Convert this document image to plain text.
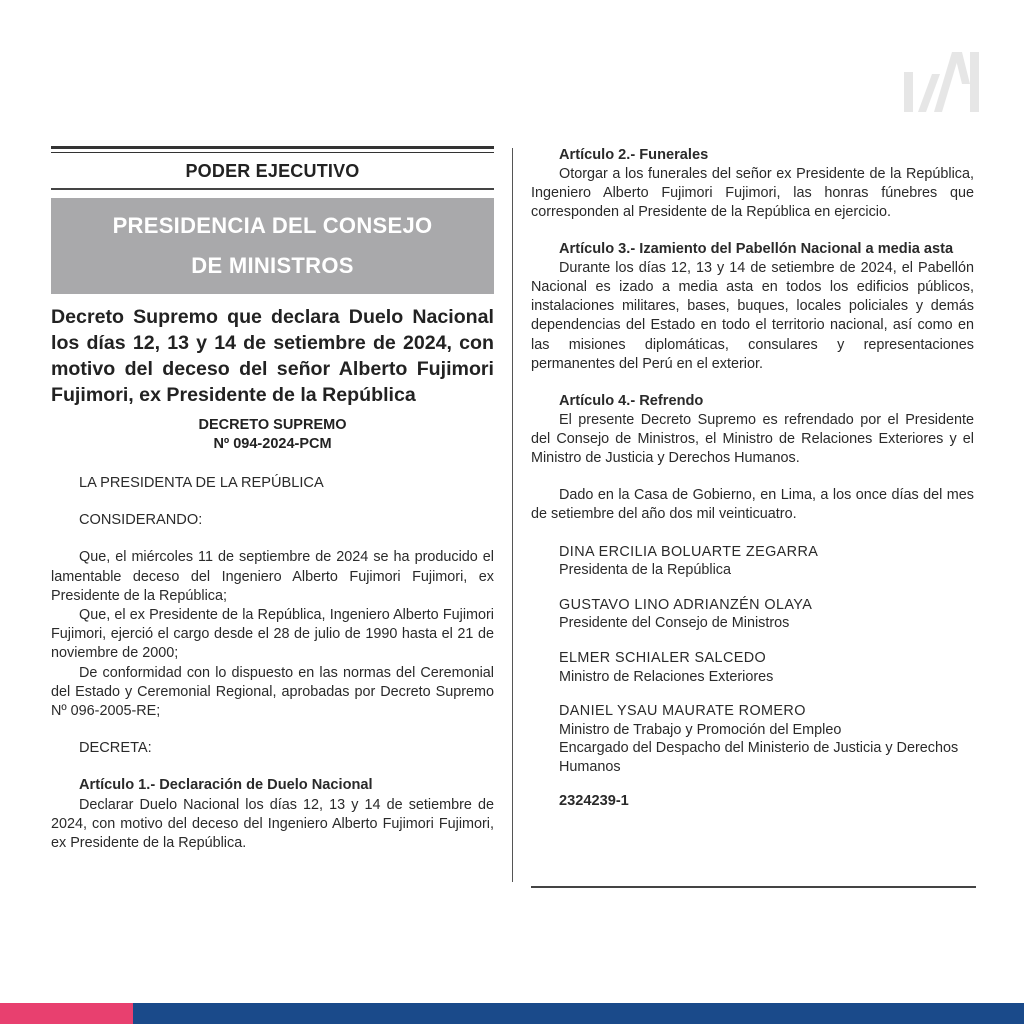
PODER EJECUTIVO
PRESIDENCIA DEL CONSEJO
DE MINISTROS
Decreto Supremo que declara Duelo Nacional los días 12, 13 y 14 de setiembre de 2024, con motivo del deceso del señor Alberto Fujimori Fujimori, ex Presidente de la República
DECRETO SUPREMO
Nº 094-2024-PCM

LA PRESIDENTA DE LA REPÚBLICA

CONSIDERANDO:

Que, el miércoles 11 de septiembre de 2024 se ha producido el lamentable deceso del Ingeniero Alberto Fujimori Fujimori, ex Presidente de la República;

Que, el ex Presidente de la República, Ingeniero Alberto Fujimori Fujimori, ejerció el cargo desde el 28 de julio de 1990 hasta el 21 de noviembre de 2000;

De conformidad con lo dispuesto en las normas del Ceremonial del Estado y Ceremonial Regional, aprobadas por Decreto Supremo Nº 096-2005-RE;

DECRETA:

Artículo 1.- Declaración de Duelo Nacional

Declarar Duelo Nacional los días 12, 13 y 14 de setiembre de 2024, con motivo del deceso del Ingeniero Alberto Fujimori Fujimori, ex Presidente de la República.

Artículo 2.- Funerales

Otorgar a los funerales del señor ex Presidente de la República, Ingeniero Alberto Fujimori Fujimori, las honras fúnebres que corresponden al Presidente de la República en ejercicio.

Artículo 3.- Izamiento del Pabellón Nacional a media asta

Durante los días 12, 13 y 14 de setiembre de 2024, el Pabellón Nacional es izado a media asta en todos los edificios públicos, instalaciones militares, bases, buques, locales policiales y demás dependencias del Estado en todo el territorio nacional, así como en las misiones diplomáticas, consulares y representaciones permanentes del Perú en el exterior.

Artículo 4.- Refrendo

El presente Decreto Supremo es refrendado por el Presidente del Consejo de Ministros, el Ministro de Relaciones Exteriores y el Ministro de Justicia y Derechos Humanos.

Dado en la Casa de Gobierno, en Lima, a los once días del mes de setiembre del año dos mil veinticuatro.

DINA ERCILIA BOLUARTE ZEGARRA
Presidenta de la República
GUSTAVO LINO ADRIANZÉN OLAYA
Presidente del Consejo de Ministros
ELMER SCHIALER SALCEDO
Ministro de Relaciones Exteriores
DANIEL YSAU MAURATE ROMERO
Ministro de Trabajo y Promoción del Empleo
Encargado del Despacho del Ministerio de Justicia y Derechos Humanos
2324239-1
